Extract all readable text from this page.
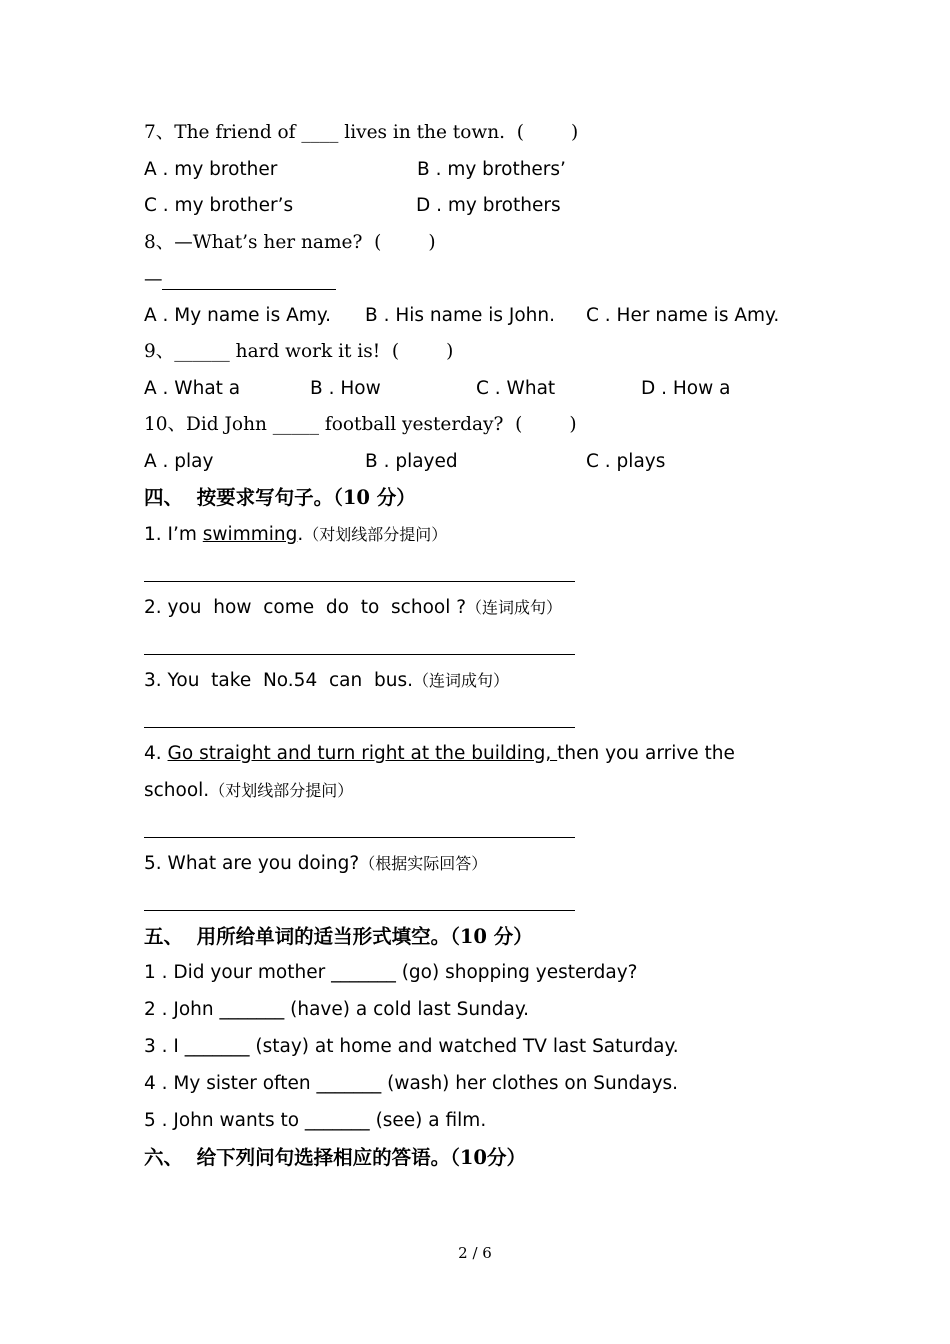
7、The friend of ____ lives in the town.  (        )
A . my brother	B . my brothers’
C . my brother’s	D . my brothers
8、—What’s her name?  (        )
—
A . My name is Amy. B . His name is John. C . Her name is Amy.
9、______ hard work it is!  (        )
A . What a	B . How	C . What	D . How a
10、Did John _____ football yesterday?  (        )
A . play	B . played	C . plays
四、  按要求写句子。（10 分）
1. I’m swimming.（对划线部分提问）
2. you  how  come  do  to  school ?（连词成句）
3. You  take  No.54  can  bus.（连词成句）
4. Go straight and turn right at the building, then you arrive the
school.（对划线部分提问）
5. What are you doing?（根据实际回答）
五、  用所给单词的适当形式填空。（10 分）
1 . Did your mother _______ (go) shopping yesterday?
2 . John _______ (have) a cold last Sunday.
3 . I _______ (stay) at home and watched TV last Saturday.
4 . My sister often _______ (wash) her clothes on Sundays.
5 . John wants to _______ (see) a film.
六、  给下列问句选择相应的答语。（10分）
2 / 6
